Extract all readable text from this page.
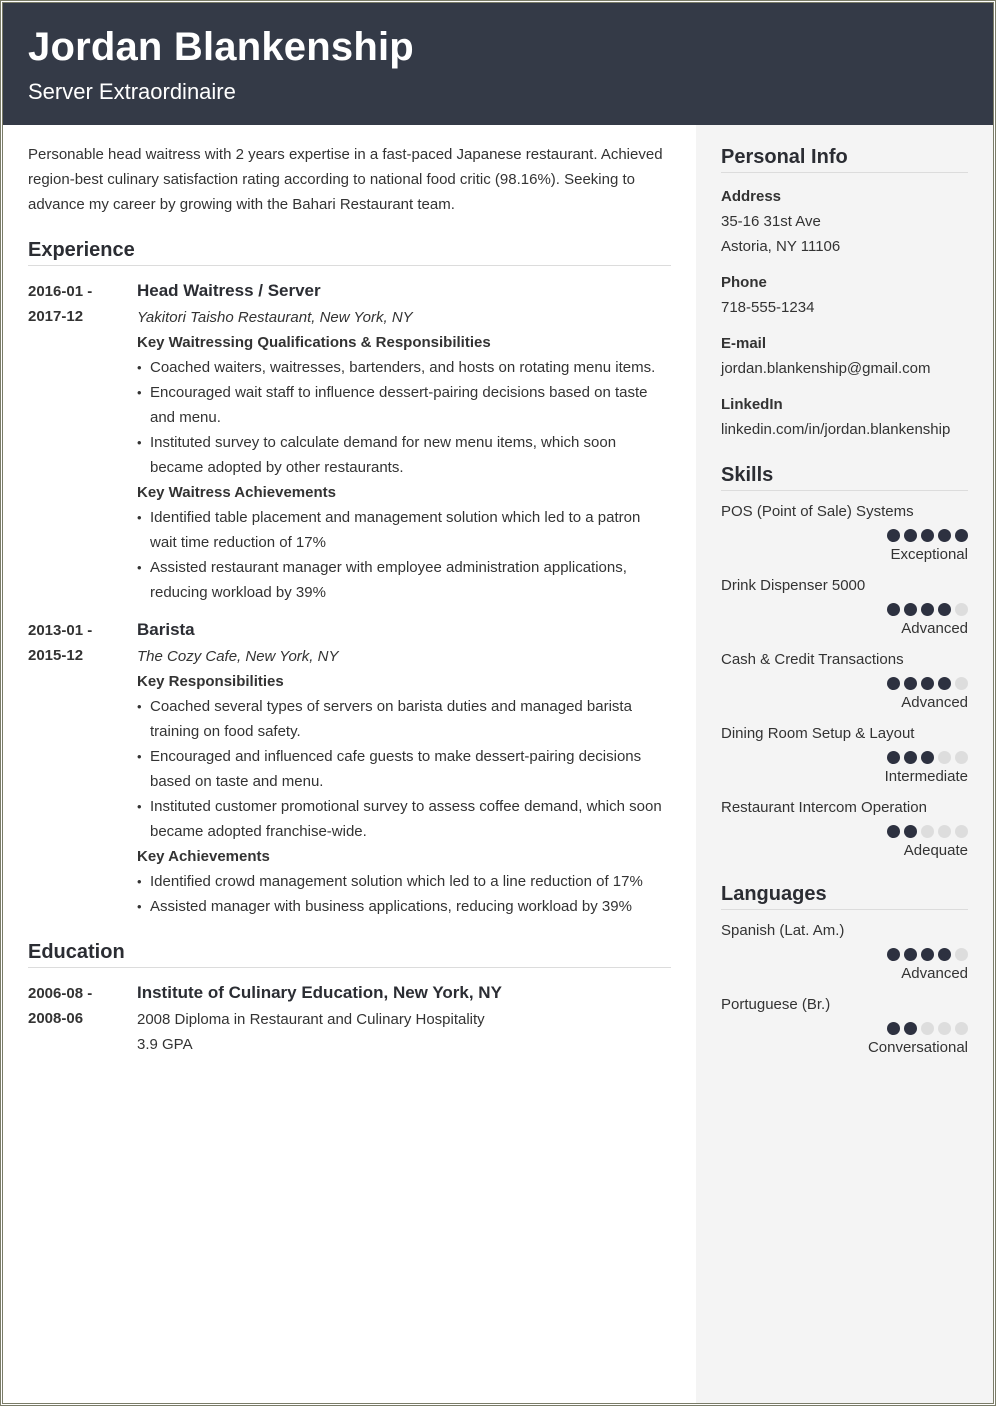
Jordan Blankenship
Server Extraordinaire

Personable head waitress with 2 years expertise in a fast-paced Japanese restaurant. Achieved region-best culinary satisfaction rating according to national food critic (98.16%). Seeking to advance my career by growing with the Bahari Restaurant team.

Experience
2016-01 -
2017-12
Head Waitress / Server
Yakitori Taisho Restaurant, New York, NY
Key Waitressing Qualifications & Responsibilities
• Coached waiters, waitresses, bartenders, and hosts on rotating menu items.
• Encouraged wait staff to influence dessert-pairing decisions based on taste and menu.
• Instituted survey to calculate demand for new menu items, which soon became adopted by other restaurants.
Key Waitress Achievements
• Identified table placement and management solution which led to a patron wait time reduction of 17%
• Assisted restaurant manager with employee administration applications, reducing workload by 39%
2013-01 -
2015-12
Barista
The Cozy Cafe, New York, NY
Key Responsibilities
• Coached several types of servers on barista duties and managed barista training on food safety.
• Encouraged and influenced cafe guests to make dessert-pairing decisions based on taste and menu.
• Instituted customer promotional survey to assess coffee demand, which soon became adopted franchise-wide.
Key Achievements
• Identified crowd management solution which led to a line reduction of 17%
• Assisted manager with business applications, reducing workload by 39%
Education
2006-08 -
2008-06
Institute of Culinary Education, New York, NY
2008 Diploma in Restaurant and Culinary Hospitality
3.9 GPA
Personal Info
Address
35-16 31st Ave
Astoria, NY 11106
Phone
718-555-1234
E-mail
jordan.blankenship@gmail.com
LinkedIn
linkedin.com/in/jordan.blankenship
Skills
POS (Point of Sale) Systems
Exceptional
Drink Dispenser 5000
Advanced
Cash & Credit Transactions
Advanced
Dining Room Setup & Layout
Intermediate
Restaurant Intercom Operation
Adequate
Languages
Spanish (Lat. Am.)
Advanced
Portuguese (Br.)
Conversational
